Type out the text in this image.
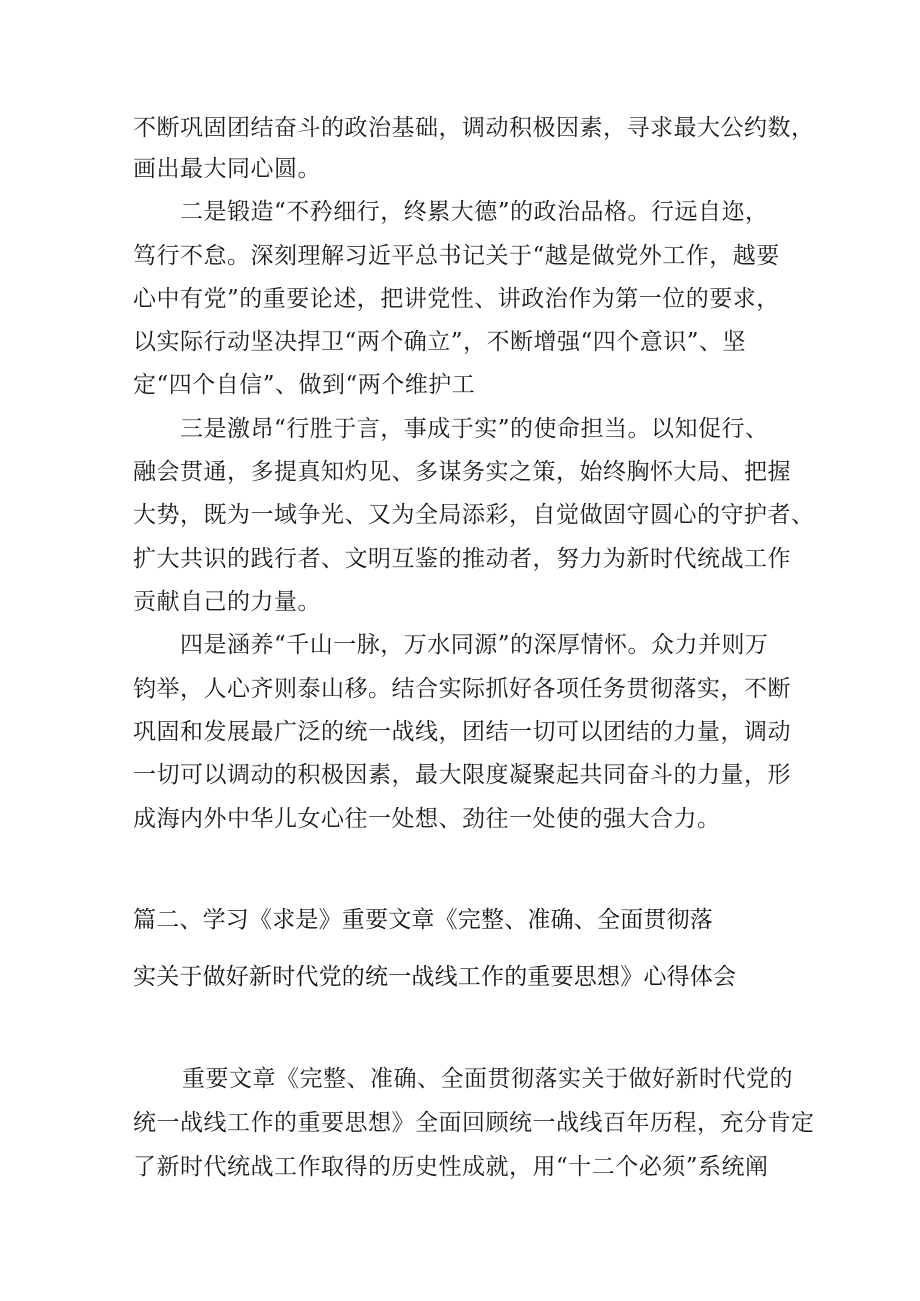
不断巩固团结奋斗的政治基础，调动积极因素，寻求最大公约数，
画出最大同心圆。
二是锻造“不矜细行，终累大德”的政治品格。行远自迩，
笃行不怠。深刻理解习近平总书记关于“越是做党外工作，越要
心中有党”的重要论述，把讲党性、讲政治作为第一位的要求，
以实际行动坚决捍卫“两个确立”，不断增强“四个意识”、坚
定“四个自信”、做到“两个维护工
三是激昂“行胜于言，事成于实”的使命担当。以知促行、
融会贯通，多提真知灼见、多谋务实之策，始终胸怀大局、把握
大势，既为一域争光、又为全局添彩，自觉做固守圆心的守护者、
扩大共识的践行者、文明互鉴的推动者，努力为新时代统战工作
贡献自己的力量。
四是涵养“千山一脉，万水同源”的深厚情怀。众力并则万
钧举，人心齐则泰山移。结合实际抓好各项任务贯彻落实，不断
巩固和发展最广泛的统一战线，团结一切可以团结的力量，调动
一切可以调动的积极因素，最大限度凝聚起共同奋斗的力量，形
成海内外中华儿女心往一处想、劲往一处使的强大合力。
篇二、学习《求是》重要文章《完整、准确、全面贯彻落
实关于做好新时代党的统一战线工作的重要思想》心得体会
重要文章《完整、准确、全面贯彻落实关于做好新时代党的
统一战线工作的重要思想》全面回顾统一战线百年历程，充分肯定
了新时代统战工作取得的历史性成就，用“十二个必须”系统阐
